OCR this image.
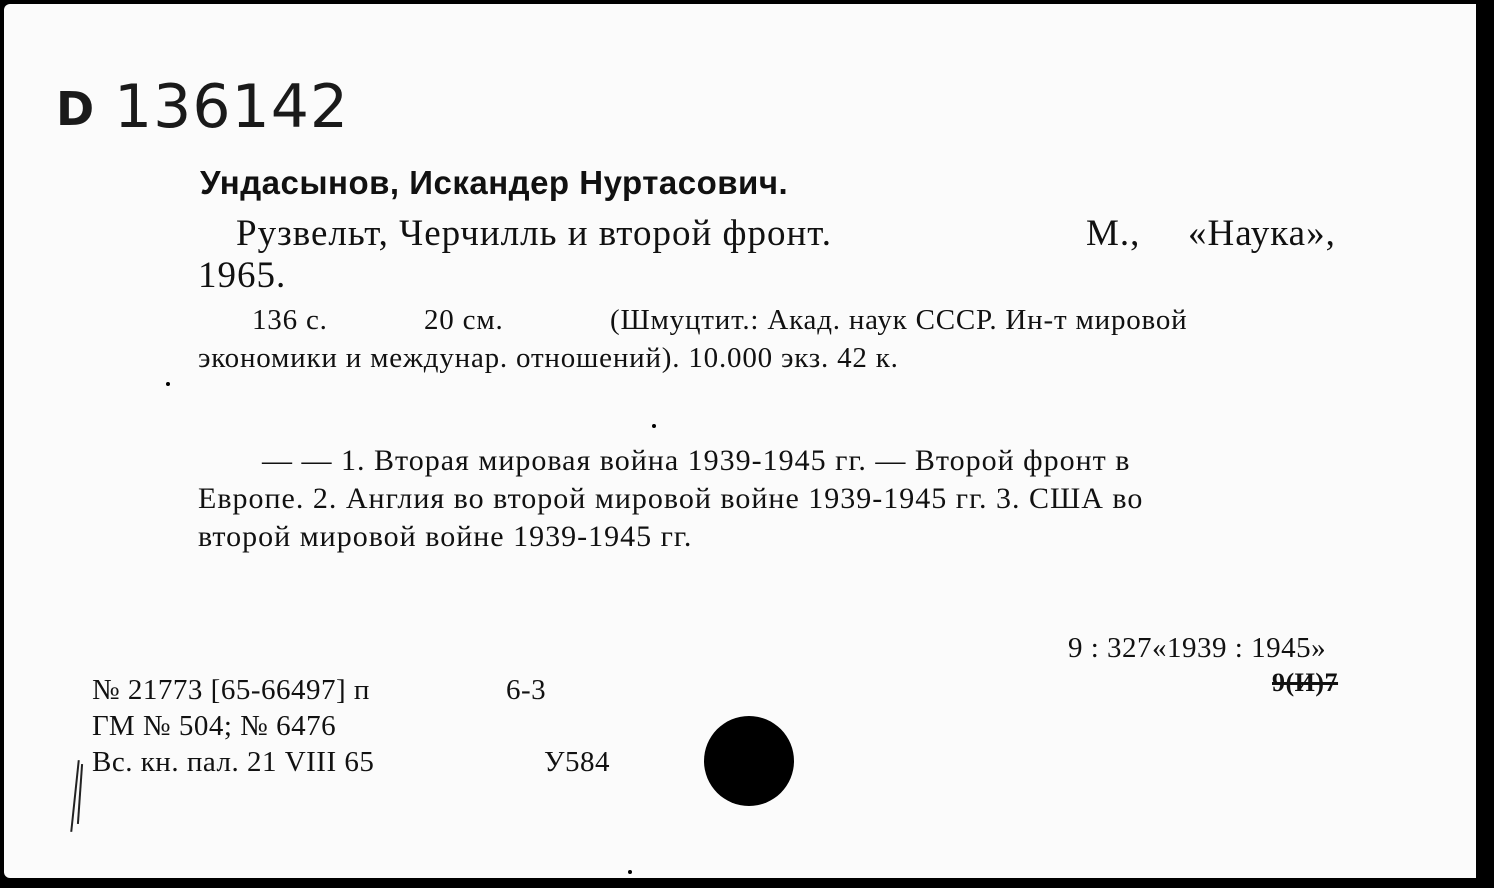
D 136142
Ундасынов, Искандер Нуртасович.
Рузвельт, Черчилль и второй фронт.	М., «Наука»,
1965.
136 с.	20 см.	(Шмуцтит.: Акад. наук СССР. Ин-т мировой
экономики и междунар. отношений). 10.000 экз. 42 к.
— — 1. Вторая мировая война 1939-1945 гг. — Второй фронт в
Европе. 2. Англия во второй мировой войне 1939-1945 гг. 3. США во
второй мировой войне 1939-1945 гг.
9 : 327«1939 : 1945»
9(И)7
№ 21773 [65-66497] п	6-3
ГМ № 504; № 6476
Вс. кн. пал. 21 VIII 65	У584
